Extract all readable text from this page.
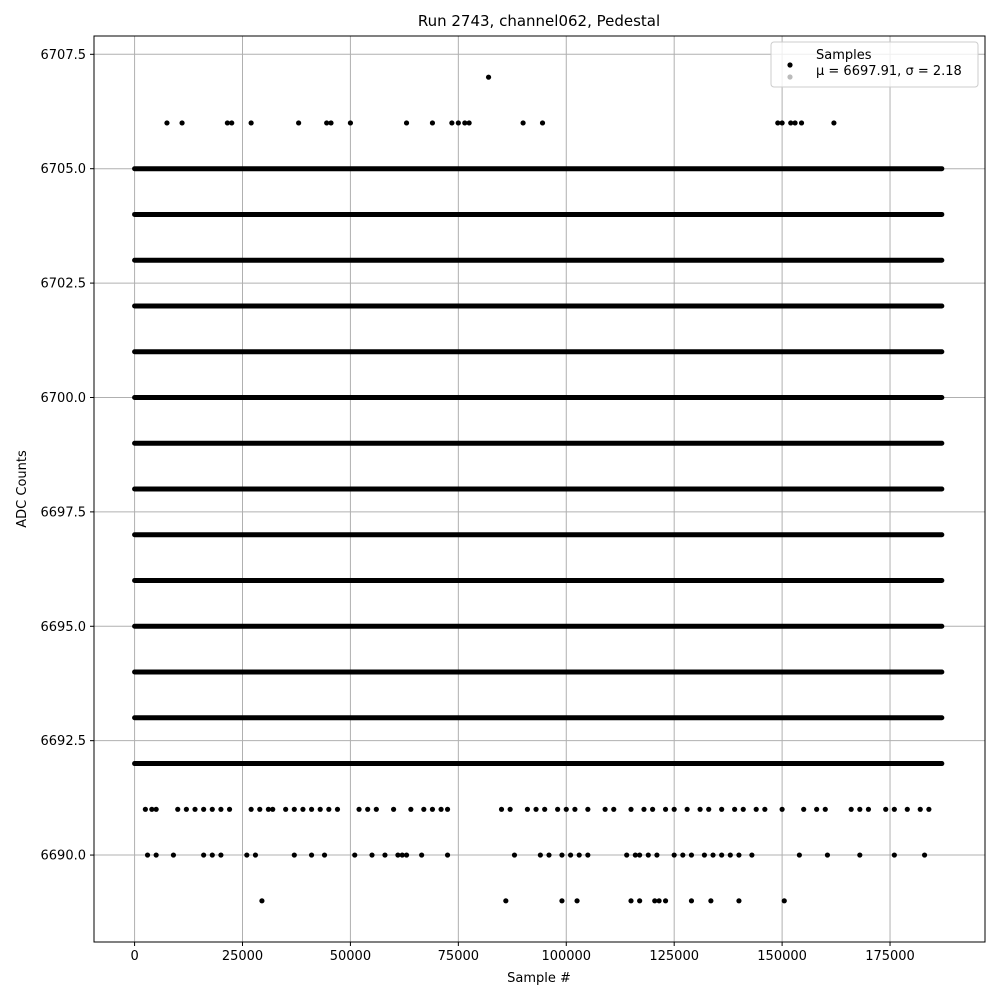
0	25000	50000	75000	100000	125000	150000	175000
6690.0
6692.5
6695.0
6697.5
6700.0
6702.5
6705.0
6707.5
Run 2743, channel062, Pedestal
Sample #
ADC Counts
Samples
μ = 6697.91, σ = 2.18
